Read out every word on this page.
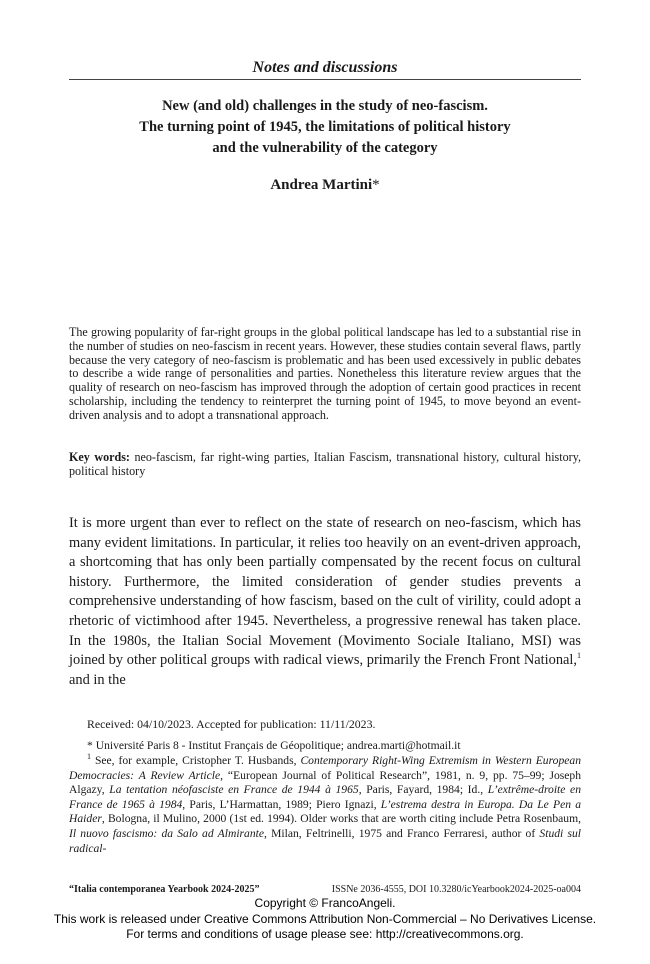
Notes and discussions
New (and old) challenges in the study of neo-fascism.
The turning point of 1945, the limitations of political history
and the vulnerability of the category
Andrea Martini*

The growing popularity of far-right groups in the global political landscape has led to a substantial rise in the number of studies on neo-fascism in recent years. However, these studies contain several flaws, partly because the very category of neo-fascism is problematic and has been used excessively in public debates to describe a wide range of personalities and parties. Nonetheless this literature review argues that the quality of research on neo-fascism has improved through the adoption of certain good practices in recent scholarship, including the tendency to reinterpret the turning point of 1945, to move beyond an event-driven analysis and to adopt a transnational approach.

Key words: neo-fascism, far right-wing parties, Italian Fascism, transnational history, cultural history, political history

It is more urgent than ever to reflect on the state of research on neo-fascism, which has many evident limitations. In particular, it relies too heavily on an event-driven approach, a shortcoming that has only been partially compensated by the recent focus on cultural history. Furthermore, the limited consideration of gender studies prevents a comprehensive understanding of how fascism, based on the cult of virility, could adopt a rhetoric of victimhood after 1945. Nevertheless, a progressive renewal has taken place. In the 1980s, the Italian Social Movement (Movimento Sociale Italiano, MSI) was joined by other political groups with radical views, primarily the French Front National,$^1$ and in the

Received: 04/10/2023. Accepted for publication: 11/11/2023.

* Université Paris 8 - Institut Français de Géopolitique; andrea.marti@hotmail.it

$^1$ See, for example, Cristopher T. Husbands, Contemporary Right-Wing Extremism in Western European Democracies: A Review Article, “European Journal of Political Research”, 1981, n. 9, pp. 75–99; Joseph Algazy, La tentation néofasciste en France de 1944 à 1965, Paris, Fayard, 1984; Id., L’extrême-droite en France de 1965 à 1984, Paris, L’Harmattan, 1989; Piero Ignazi, L’estrema destra in Europa. Da Le Pen a Haider, Bologna, il Mulino, 2000 (1st ed. 1994). Older works that are worth citing include Petra Rosenbaum, Il nuovo fascismo: da Salo ad Almirante, Milan, Feltrinelli, 1975 and Franco Ferraresi, author of Studi sul radical-

“Italia contemporanea Yearbook 2024-2025”	ISSNe 2036-4555, DOI 10.3280/icYearbook2024-2025-oa004
Copyright © FrancoAngeli.
This work is released under Creative Commons Attribution Non-Commercial – No Derivatives License.
For terms and conditions of usage please see: http://creativecommons.org.
